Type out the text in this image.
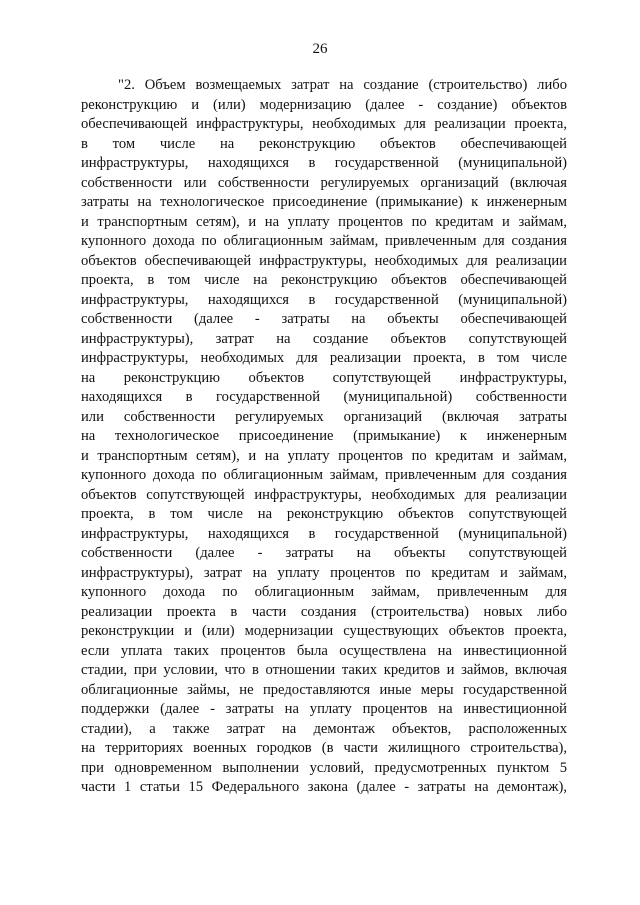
26
"2. Объем возмещаемых затрат на создание (строительство) либо
реконструкцию и (или) модернизацию (далее - создание) объектов
обеспечивающей инфраструктуры, необходимых для реализации проекта,
в том числе на реконструкцию объектов обеспечивающей
инфраструктуры, находящихся в государственной (муниципальной)
собственности или собственности регулируемых организаций (включая
затраты на технологическое присоединение (примыкание) к инженерным
и транспортным сетям), и на уплату процентов по кредитам и займам,
купонного дохода по облигационным займам, привлеченным для создания
объектов обеспечивающей инфраструктуры, необходимых для реализации
проекта, в том числе на реконструкцию объектов обеспечивающей
инфраструктуры, находящихся в государственной (муниципальной)
собственности (далее - затраты на объекты обеспечивающей
инфраструктуры), затрат на создание объектов сопутствующей
инфраструктуры, необходимых для реализации проекта, в том числе
на реконструкцию объектов сопутствующей инфраструктуры,
находящихся в государственной (муниципальной) собственности
или собственности регулируемых организаций (включая затраты
на технологическое присоединение (примыкание) к инженерным
и транспортным сетям), и на уплату процентов по кредитам и займам,
купонного дохода по облигационным займам, привлеченным для создания
объектов сопутствующей инфраструктуры, необходимых для реализации
проекта, в том числе на реконструкцию объектов сопутствующей
инфраструктуры, находящихся в государственной (муниципальной)
собственности (далее - затраты на объекты сопутствующей
инфраструктуры), затрат на уплату процентов по кредитам и займам,
купонного дохода по облигационным займам, привлеченным для
реализации проекта в части создания (строительства) новых либо
реконструкции и (или) модернизации существующих объектов проекта,
если уплата таких процентов была осуществлена на инвестиционной
стадии, при условии, что в отношении таких кредитов и займов, включая
облигационные займы, не предоставляются иные меры государственной
поддержки (далее - затраты на уплату процентов на инвестиционной
стадии), а также затрат на демонтаж объектов, расположенных
на территориях военных городков (в части жилищного строительства),
при одновременном выполнении условий, предусмотренных пунктом 5
части 1 статьи 15 Федерального закона (далее - затраты на демонтаж),
